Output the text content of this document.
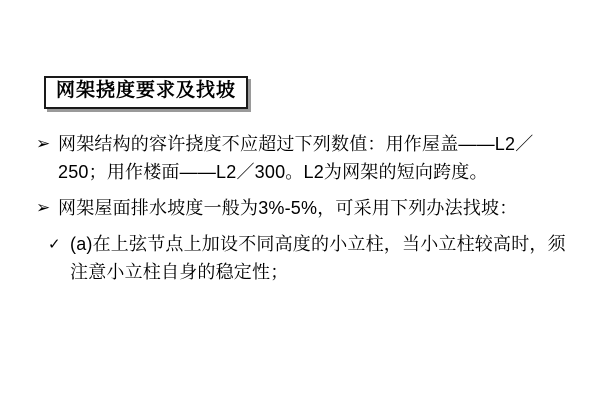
网架挠度要求及找坡
➢ 网架结构的容许挠度不应超过下列数值：用作屋盖——L2／250；用作楼面——L2／300。L2为网架的短向跨度。
➢ 网架屋面排水坡度一般为3%-5%，可采用下列办法找坡：
✓ (a)在上弦节点上加设不同高度的小立柱，当小立柱较高时，须注意小立柱自身的稳定性；
